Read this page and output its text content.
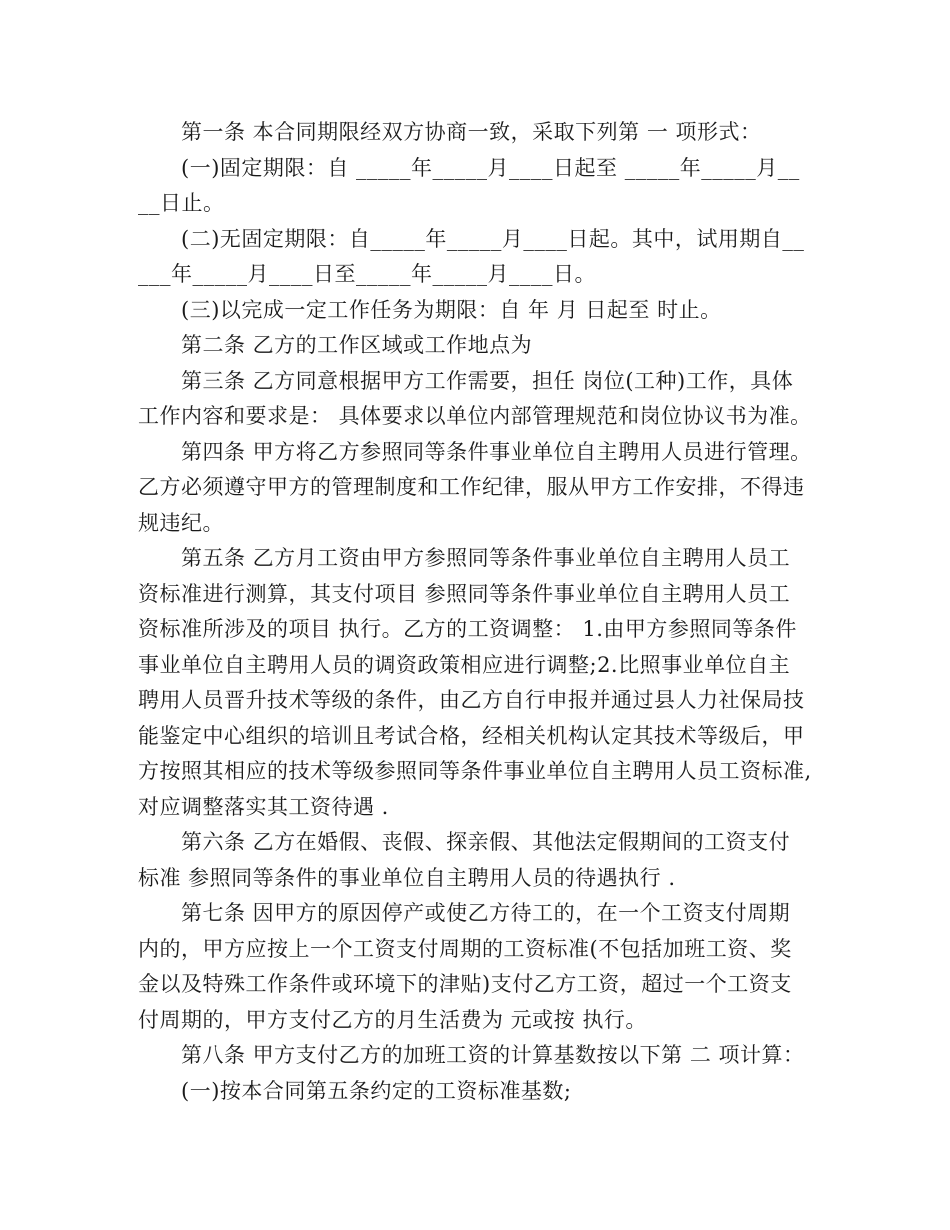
第一条 本合同期限经双方协商一致，采取下列第 一 项形式：
(一)固定期限：自 _____年_____月____日起至 _____年_____月__
__日止。
(二)无固定期限：自_____年_____月____日起。其中，试用期自__
___年_____月____日至_____年_____月____日。
(三)以完成一定工作任务为期限：自 年 月 日起至 时止。
第二条 乙方的工作区域或工作地点为
第三条 乙方同意根据甲方工作需要，担任 岗位(工种)工作，具体
工作内容和要求是： 具体要求以单位内部管理规范和岗位协议书为准。
第四条 甲方将乙方参照同等条件事业单位自主聘用人员进行管理。
乙方必须遵守甲方的管理制度和工作纪律，服从甲方工作安排，不得违
规违纪。
第五条 乙方月工资由甲方参照同等条件事业单位自主聘用人员工
资标准进行测算，其支付项目 参照同等条件事业单位自主聘用人员工
资标准所涉及的项目 执行。乙方的工资调整： 1.由甲方参照同等条件
事业单位自主聘用人员的调资政策相应进行调整;2.比照事业单位自主
聘用人员晋升技术等级的条件，由乙方自行申报并通过县人力社保局技
能鉴定中心组织的培训且考试合格，经相关机构认定其技术等级后，甲
方按照其相应的技术等级参照同等条件事业单位自主聘用人员工资标准,
对应调整落实其工资待遇 .
第六条 乙方在婚假、丧假、探亲假、其他法定假期间的工资支付
标准 参照同等条件的事业单位自主聘用人员的待遇执行 .
第七条 因甲方的原因停产或使乙方待工的，在一个工资支付周期
内的，甲方应按上一个工资支付周期的工资标准(不包括加班工资、奖
金以及特殊工作条件或环境下的津贴)支付乙方工资，超过一个工资支
付周期的，甲方支付乙方的月生活费为 元或按 执行。
第八条 甲方支付乙方的加班工资的计算基数按以下第 二 项计算：
(一)按本合同第五条约定的工资标准基数;
